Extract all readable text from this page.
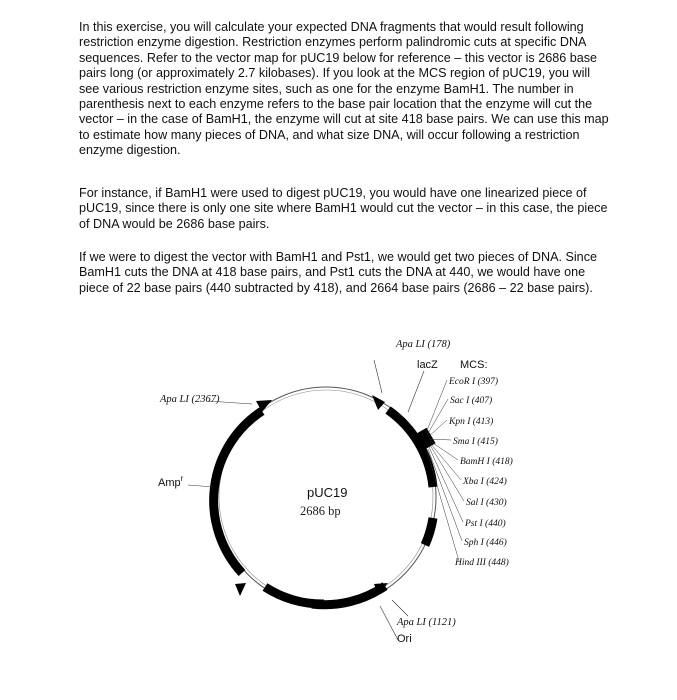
In this exercise, you will calculate your expected DNA fragments that would result following restriction enzyme digestion. Restriction enzymes perform palindromic cuts at specific DNA sequences. Refer to the vector map for pUC19 below for reference – this vector is 2686 base pairs long (or approximately 2.7 kilobases). If you look at the MCS region of pUC19, you will see various restriction enzyme sites, such as one for the enzyme BamH1. The number in parenthesis next to each enzyme refers to the base pair location that the enzyme will cut the vector – in the case of BamH1, the enzyme will cut at site 418 base pairs. We can use this map to estimate how many pieces of DNA, and what size DNA, will occur following a restriction enzyme digestion.

For instance, if BamH1 were used to digest pUC19, you would have one linearized piece of pUC19, since there is only one site where BamH1 would cut the vector – in this case, the piece of DNA would be 2686 base pairs.

If we were to digest the vector with BamH1 and Pst1, we would get two pieces of DNA. Since BamH1 cuts the DNA at 418 base pairs, and Pst1 cuts the DNA at 440, we would have one piece of 22 base pairs (440 subtracted by 418), and 2664 base pairs (2686 – 22 base pairs).

Apa LI (178)
lacZ MCS:
Apa LI (2367)
Amp$^r$
Apa LI (1121)
Ori
pUC19
2686 bp
EcoR I (397)
Sac I (407)
Kpn I (413)
Sma I (415)
BamH I (418)
Xba I (424)
Sal I (430)
Pst I (440)
Sph I (446)
Hind III (448)
